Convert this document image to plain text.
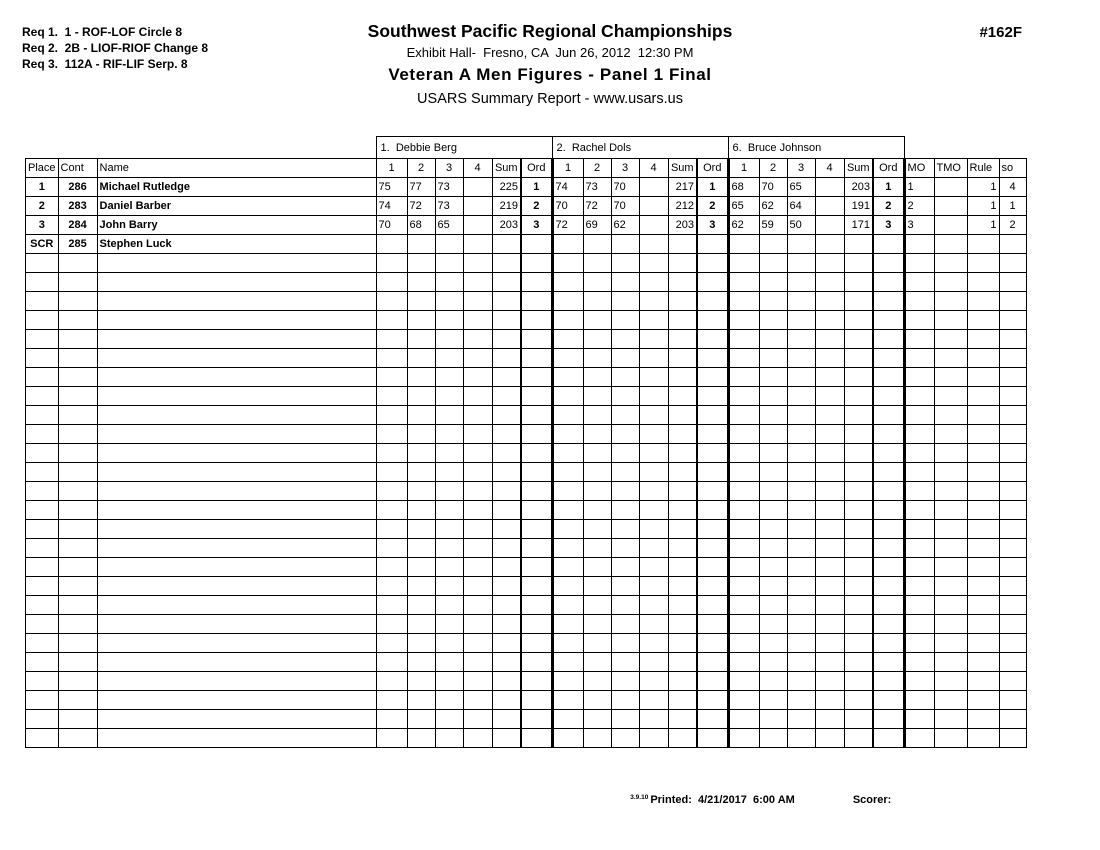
Req 1.  1 - ROF-LOF Circle 8
Req 2.  2B - LIOF-RIOF Change 8
Req 3.  112A - RIF-LIF Serp. 8
Southwest Pacific Regional Championships
Exhibit Hall-  Fresno, CA  Jun 26, 2012  12:30 PM
Veteran A Men Figures - Panel 1 Final
USARS Summary Report - www.usars.us
#162F
			1.  Debbie Berg						2.  Rachel Dols						6.  Bruce Johnson									
Place	Cont	Name	1	2	3	4	Sum	Ord	1	2	3	4	Sum	Ord	1	2	3	4	Sum	Ord	MO	TMO	Rule	so
1	286	Michael Rutledge	75	77	73		225	1	74	73	70		217	1	68	70	65		203	1	1		1	4
2	283	Daniel Barber	74	72	73		219	2	70	72	70		212	2	65	62	64		191	2	2		1	1
3	284	John Barry	70	68	65		203	3	72	69	62		203	3	62	59	50		171	3	3		1	2
SCR	285	Stephen Luck																						

$^{3.9.10}$ Printed:  4/21/2017  6:00 AM	Scorer:
